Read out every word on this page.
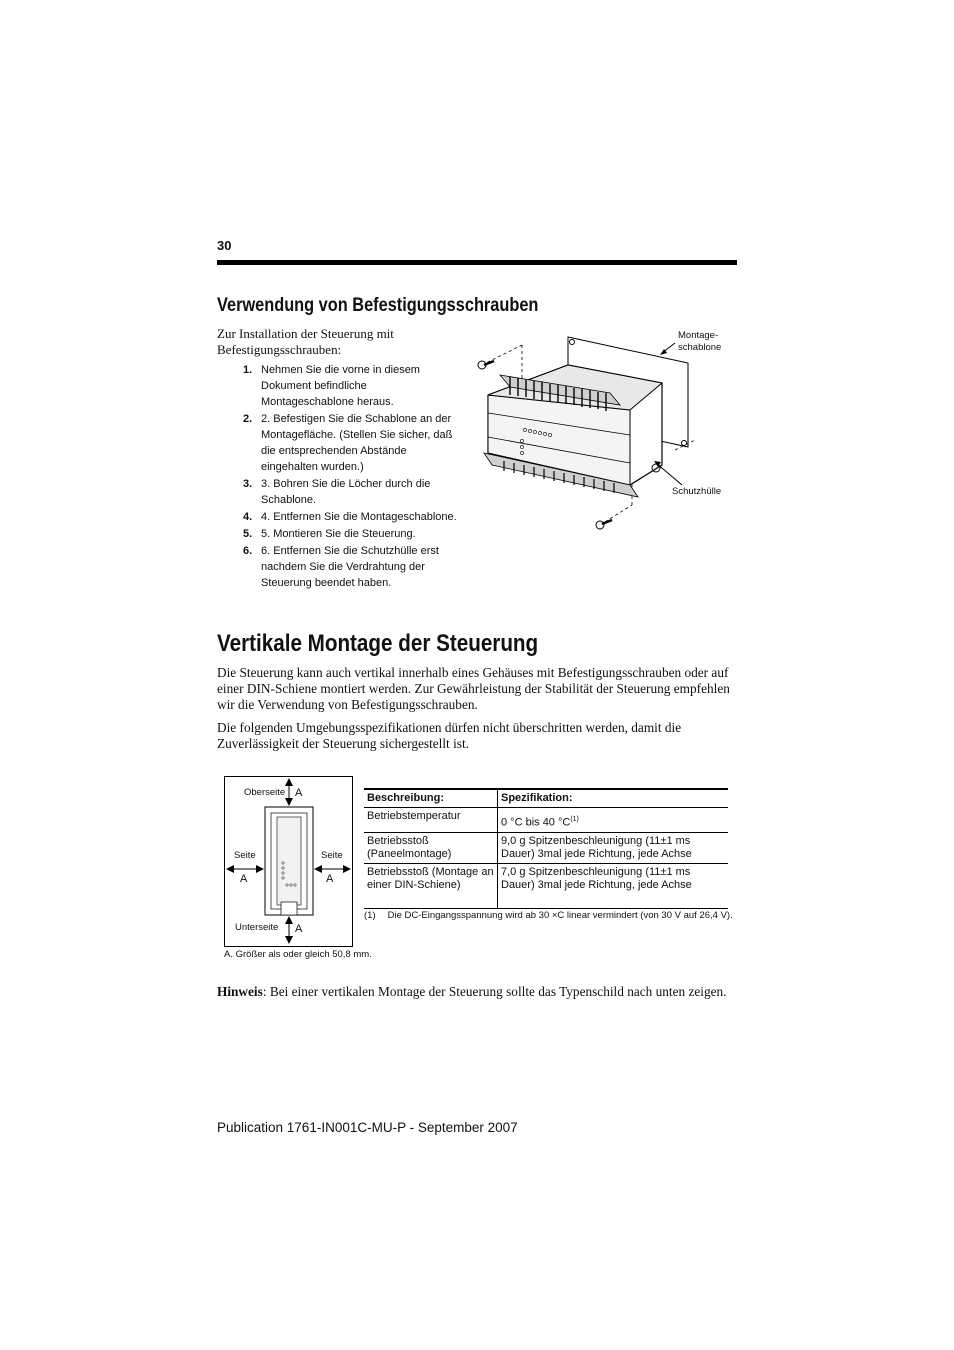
30
Verwendung von Befestigungsschrauben
Zur Installation der Steuerung mit Befestigungsschrauben:
1. Nehmen Sie die vorne in diesem Dokument befindliche Montageschablone heraus.
2. 2. Befestigen Sie die Schablone an der Montagefläche. (Stellen Sie sicher, daß die entsprechenden Abstände eingehalten wurden.)
3. 3. Bohren Sie die Löcher durch die Schablone.
4. 4. Entfernen Sie die Montageschablone.
5. 5. Montieren Sie die Steuerung.
6. 6. Entfernen Sie die Schutzhülle erst nachdem Sie die Verdrahtung der Steuerung beendet haben.
Montage-
schablone
Schutzhülle
Vertikale Montage der Steuerung
Die Steuerung kann auch vertikal innerhalb eines Gehäuses mit Befestigungsschrauben oder auf einer DIN-Schiene montiert werden. Zur Gewährleistung der Stabilität der Steuerung empfehlen wir die Verwendung von Befestigungsschrauben.
Die folgenden Umgebungsspezifikationen dürfen nicht überschritten werden, damit die Zuverlässigkeit der Steuerung sichergestellt ist.
Oberseite A
Seite	Seite
A	A
Unterseite A
A. Größer als oder gleich 50,8 mm.
Beschreibung:	Spezifikation:
Betriebstemperatur	0 °C bis 40 $^\circ C^{(1)}$
Betriebsstoß (Paneelmontage)	9,0 g Spitzenbeschleunigung (11±1 ms Dauer) 3mal jede Richtung, jede Achse
Betriebsstoß (Montage an einer DIN-Schiene)	7,0 g Spitzenbeschleunigung (11±1 ms Dauer) 3mal jede Richtung, jede Achse
(1) Die DC-Eingangsspannung wird ab 30 ×C linear vermindert (von 30 V auf 26,4 V).
Hinweis: Bei einer vertikalen Montage der Steuerung sollte das Typenschild nach unten zeigen.
Publication 1761-IN001C-MU-P - September 2007
